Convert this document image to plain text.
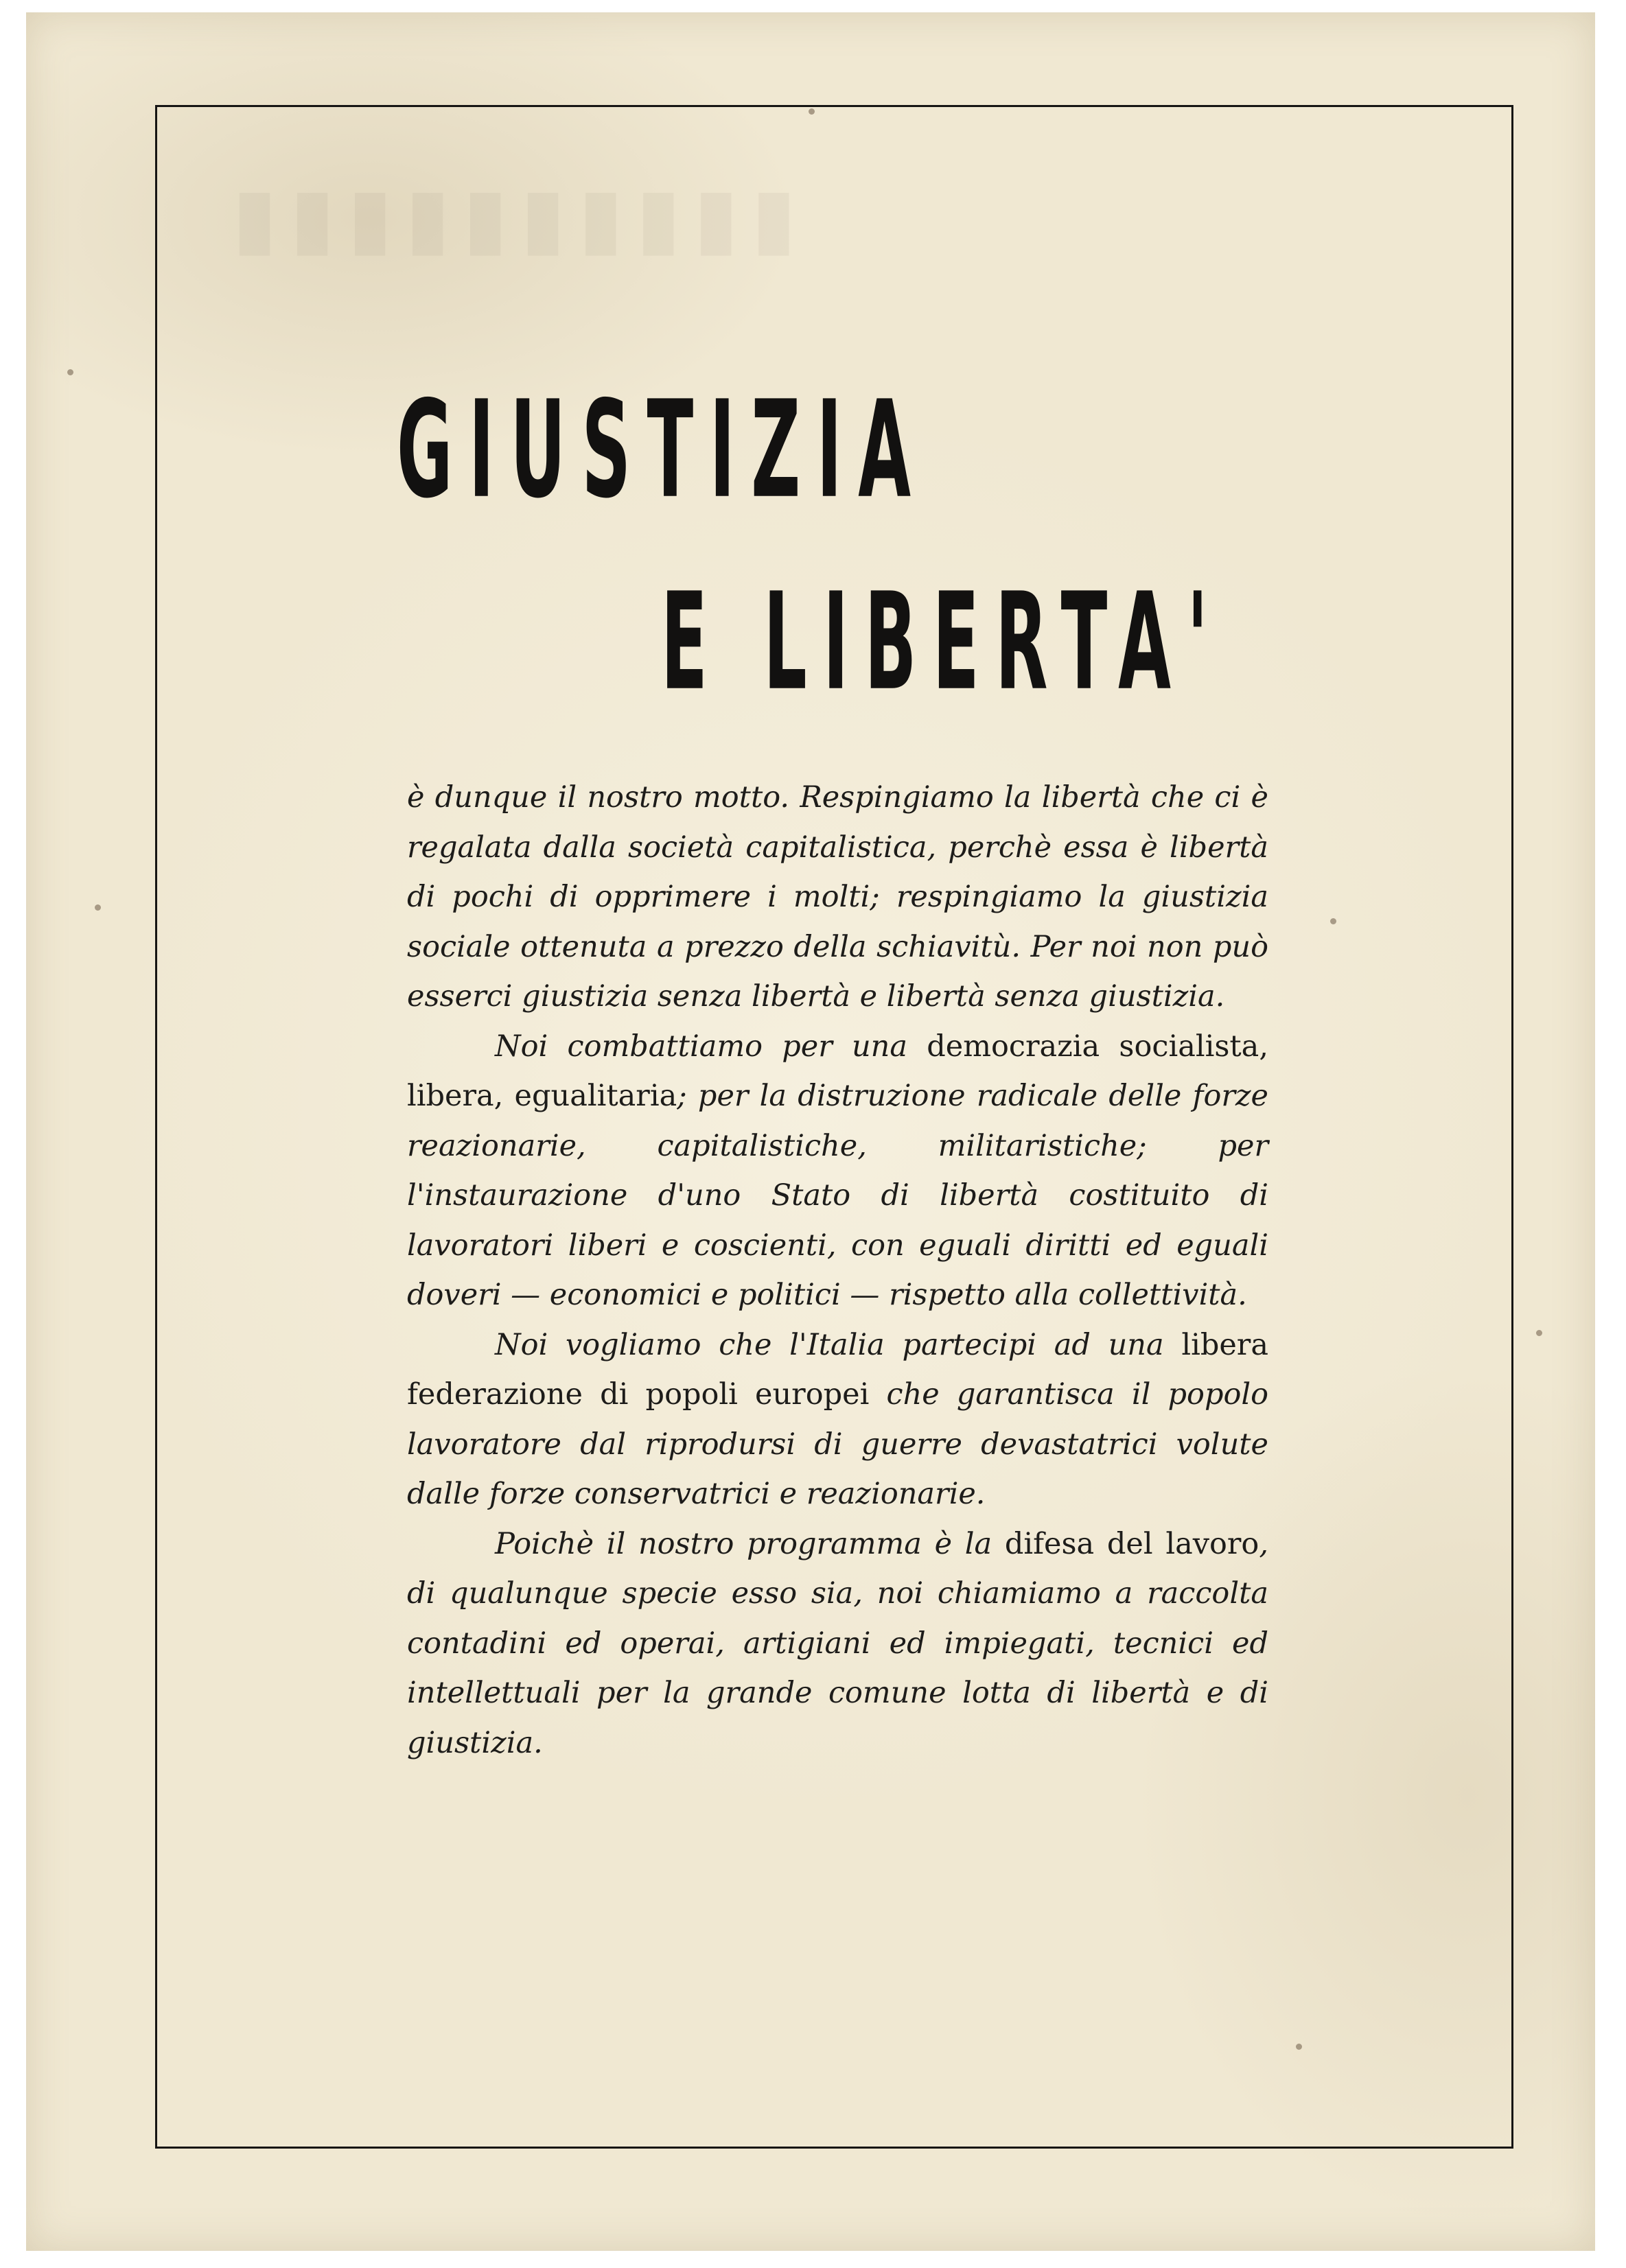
▮▮▮▮▮▮▮▮▮▮
GIUSTIZIA
E LIBERTA'

è dunque il nostro motto. Respingiamo la libertà che ci è regalata dalla società capitalistica, perchè essa è libertà di pochi di opprimere i molti; respingiamo la giustizia sociale ottenuta a prezzo della schiavitù. Per noi non può esserci giustizia senza libertà e libertà senza giustizia.

Noi combattiamo per una democrazia socialista, libera, egualitaria; per la distruzione radicale delle forze reazionarie, capitalistiche, militaristiche; per l'instaurazione d'uno Stato di libertà costituito di lavoratori liberi e coscienti, con eguali diritti ed eguali doveri — economici e politici — rispetto alla collettività.

Noi vogliamo che l'Italia partecipi ad una libera federazione di popoli europei che garantisca il popolo lavoratore dal riprodursi di guerre devastatrici volute dalle forze conservatrici e reazionarie.

Poichè il nostro programma è la difesa del lavoro, di qualunque specie esso sia, noi chiamiamo a raccolta contadini ed operai, artigiani ed impiegati, tecnici ed intellettuali per la grande comune lotta di libertà e di giustizia.
